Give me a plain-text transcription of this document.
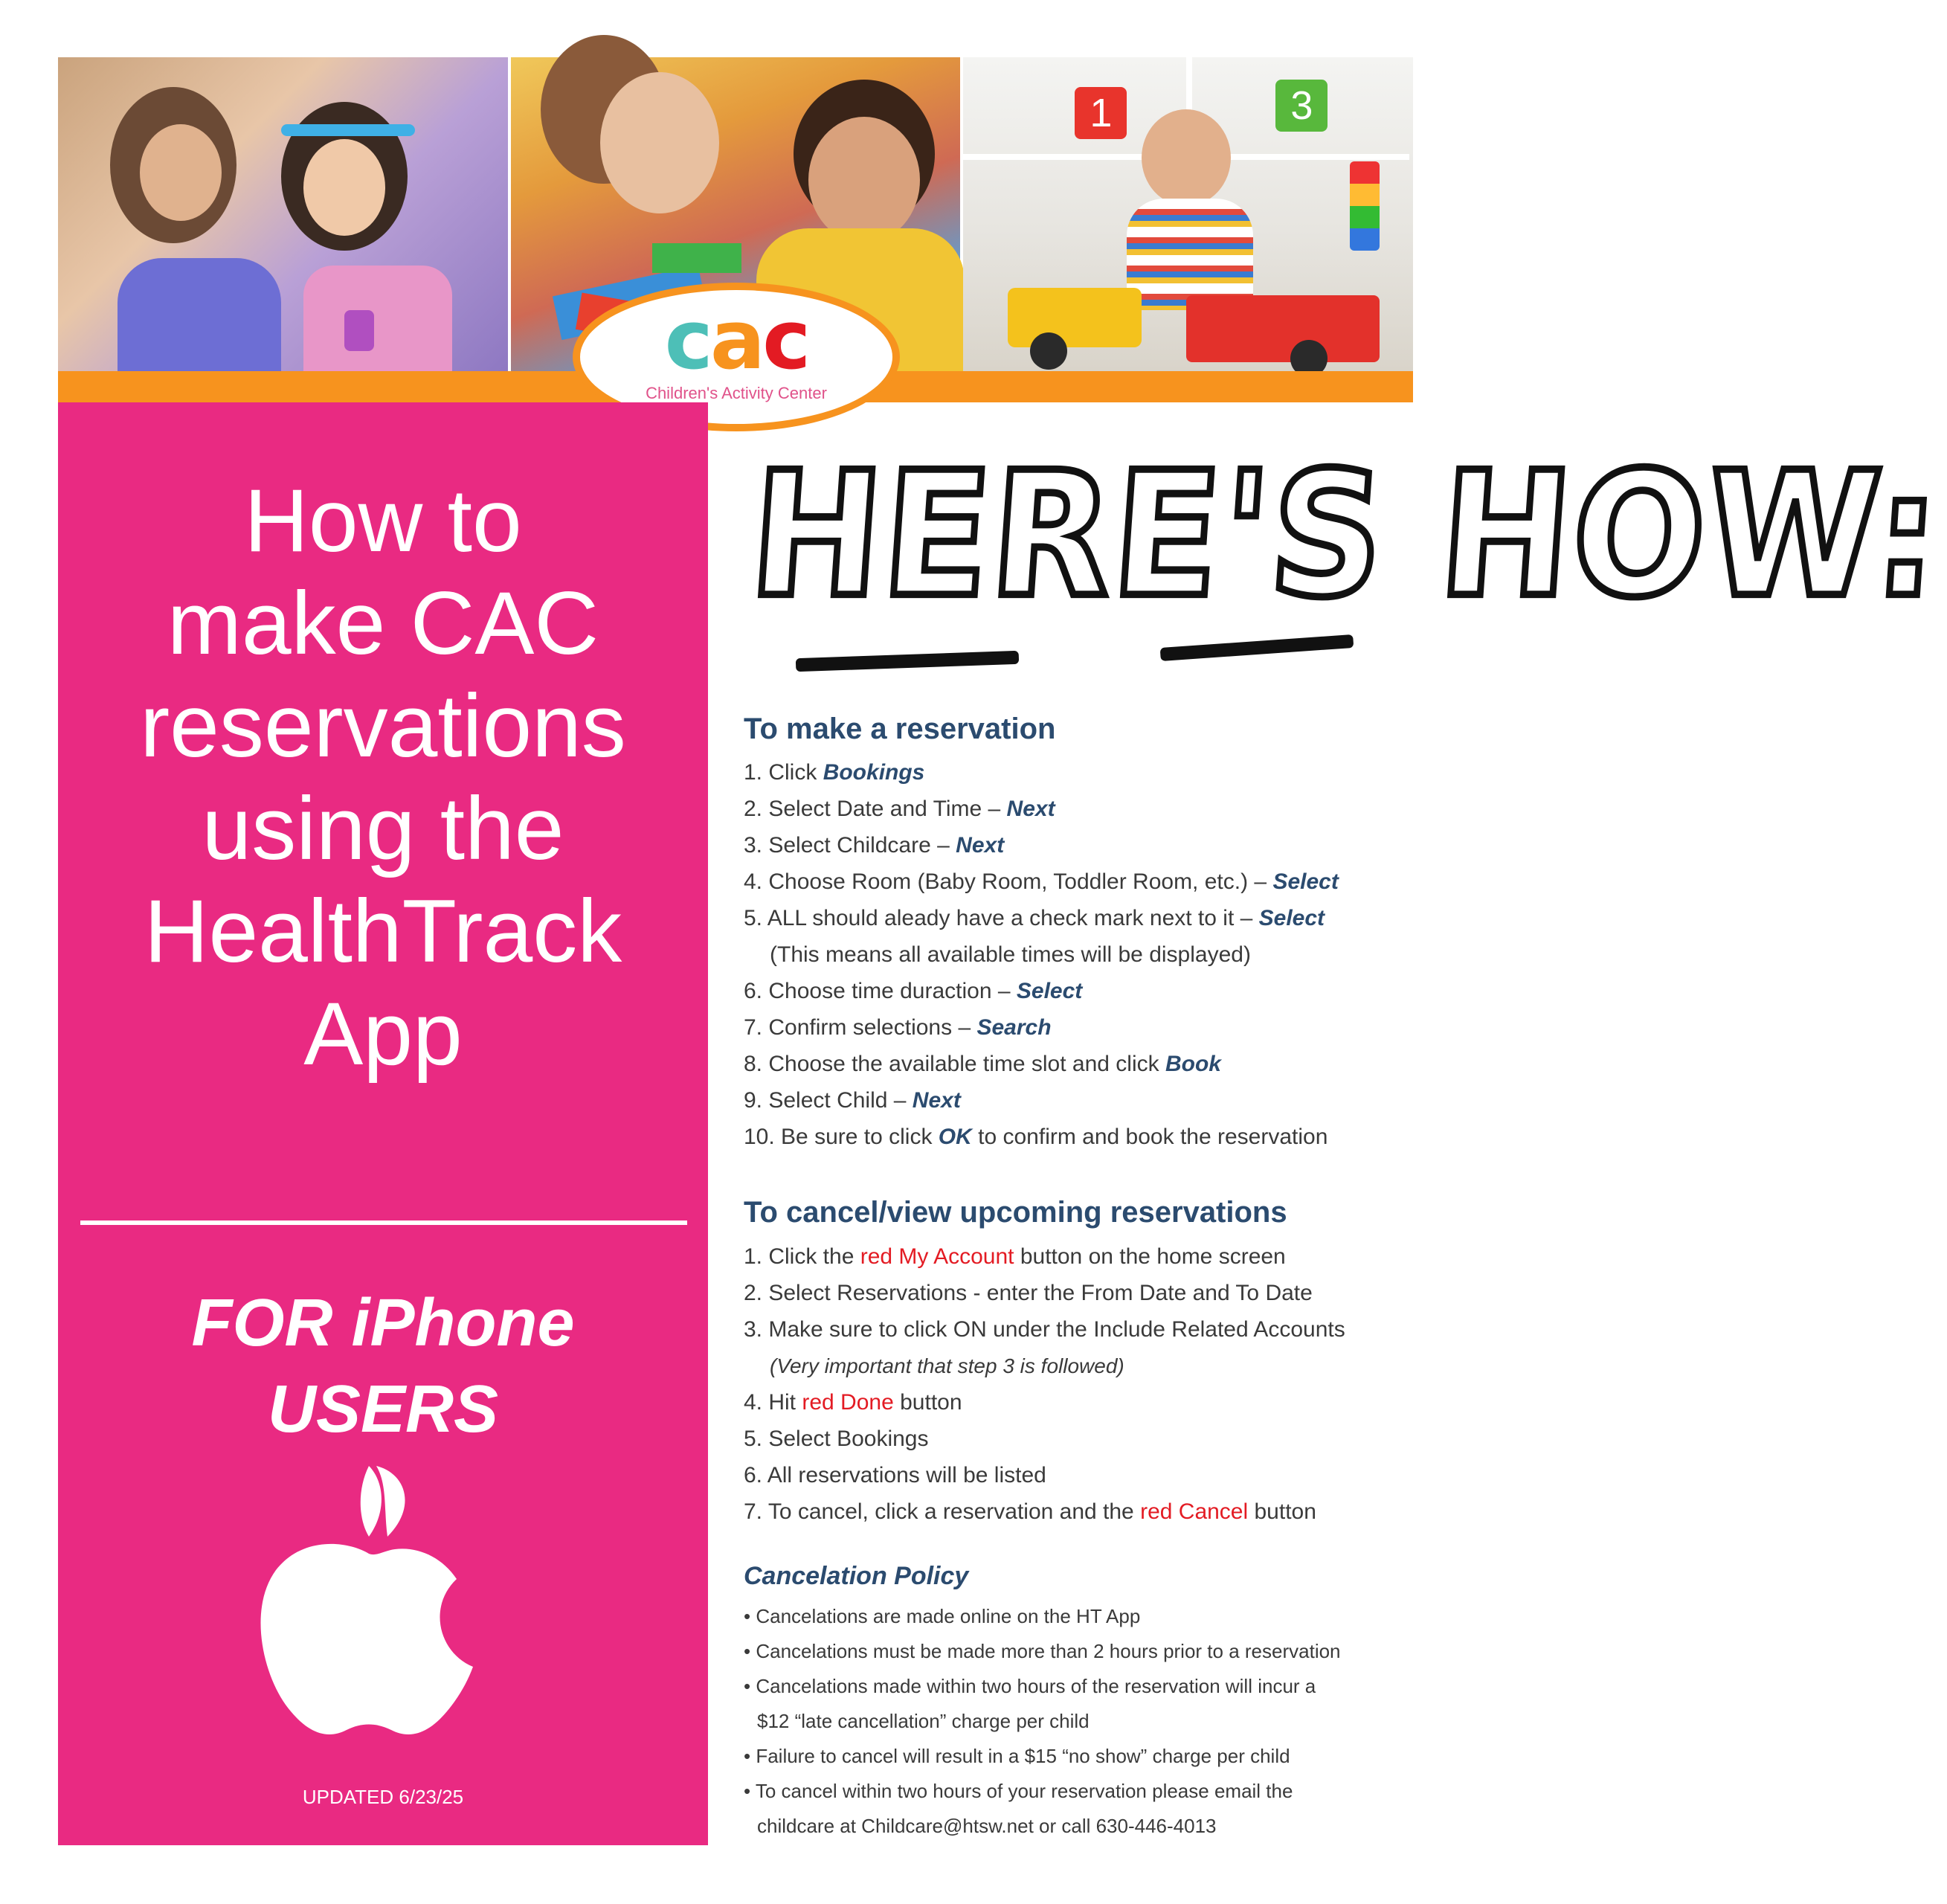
1	3
cac
Children's Activity Center
How to
make CAC
reservations
using the
HealthTrack
App
FOR iPhone
USERS
UPDATED 6/23/25
HERE'S HOW:
To make a reservation
1. Click Bookings
2. Select Date and Time – Next
3. Select Childcare – Next
4. Choose Room (Baby Room, Toddler Room, etc.) – Select
5. ALL should aleady have a check mark next to it – Select
(This means all available times will be displayed)
6. Choose time duraction – Select
7. Confirm selections – Search
8. Choose the available time slot and click Book
9. Select Child – Next
10. Be sure to click OK to confirm and book the reservation
To cancel/view upcoming reservations
1. Click the red My Account button on the home screen
2. Select Reservations - enter the From Date and To Date
3. Make sure to click ON under the Include Related Accounts
(Very important that step 3 is followed)
4. Hit red Done button
5. Select Bookings
6. All reservations will be listed
7. To cancel, click a reservation and the red Cancel button
Cancelation Policy
• Cancelations are made online on the HT App
• Cancelations must be made more than 2 hours prior to a reservation
• Cancelations made within two hours of the reservation will incur a
$12 “late cancellation” charge per child
• Failure to cancel will result in a $15 “no show” charge per child
• To cancel within two hours of your reservation please email the
childcare at Childcare@htsw.net or call 630-446-4013
